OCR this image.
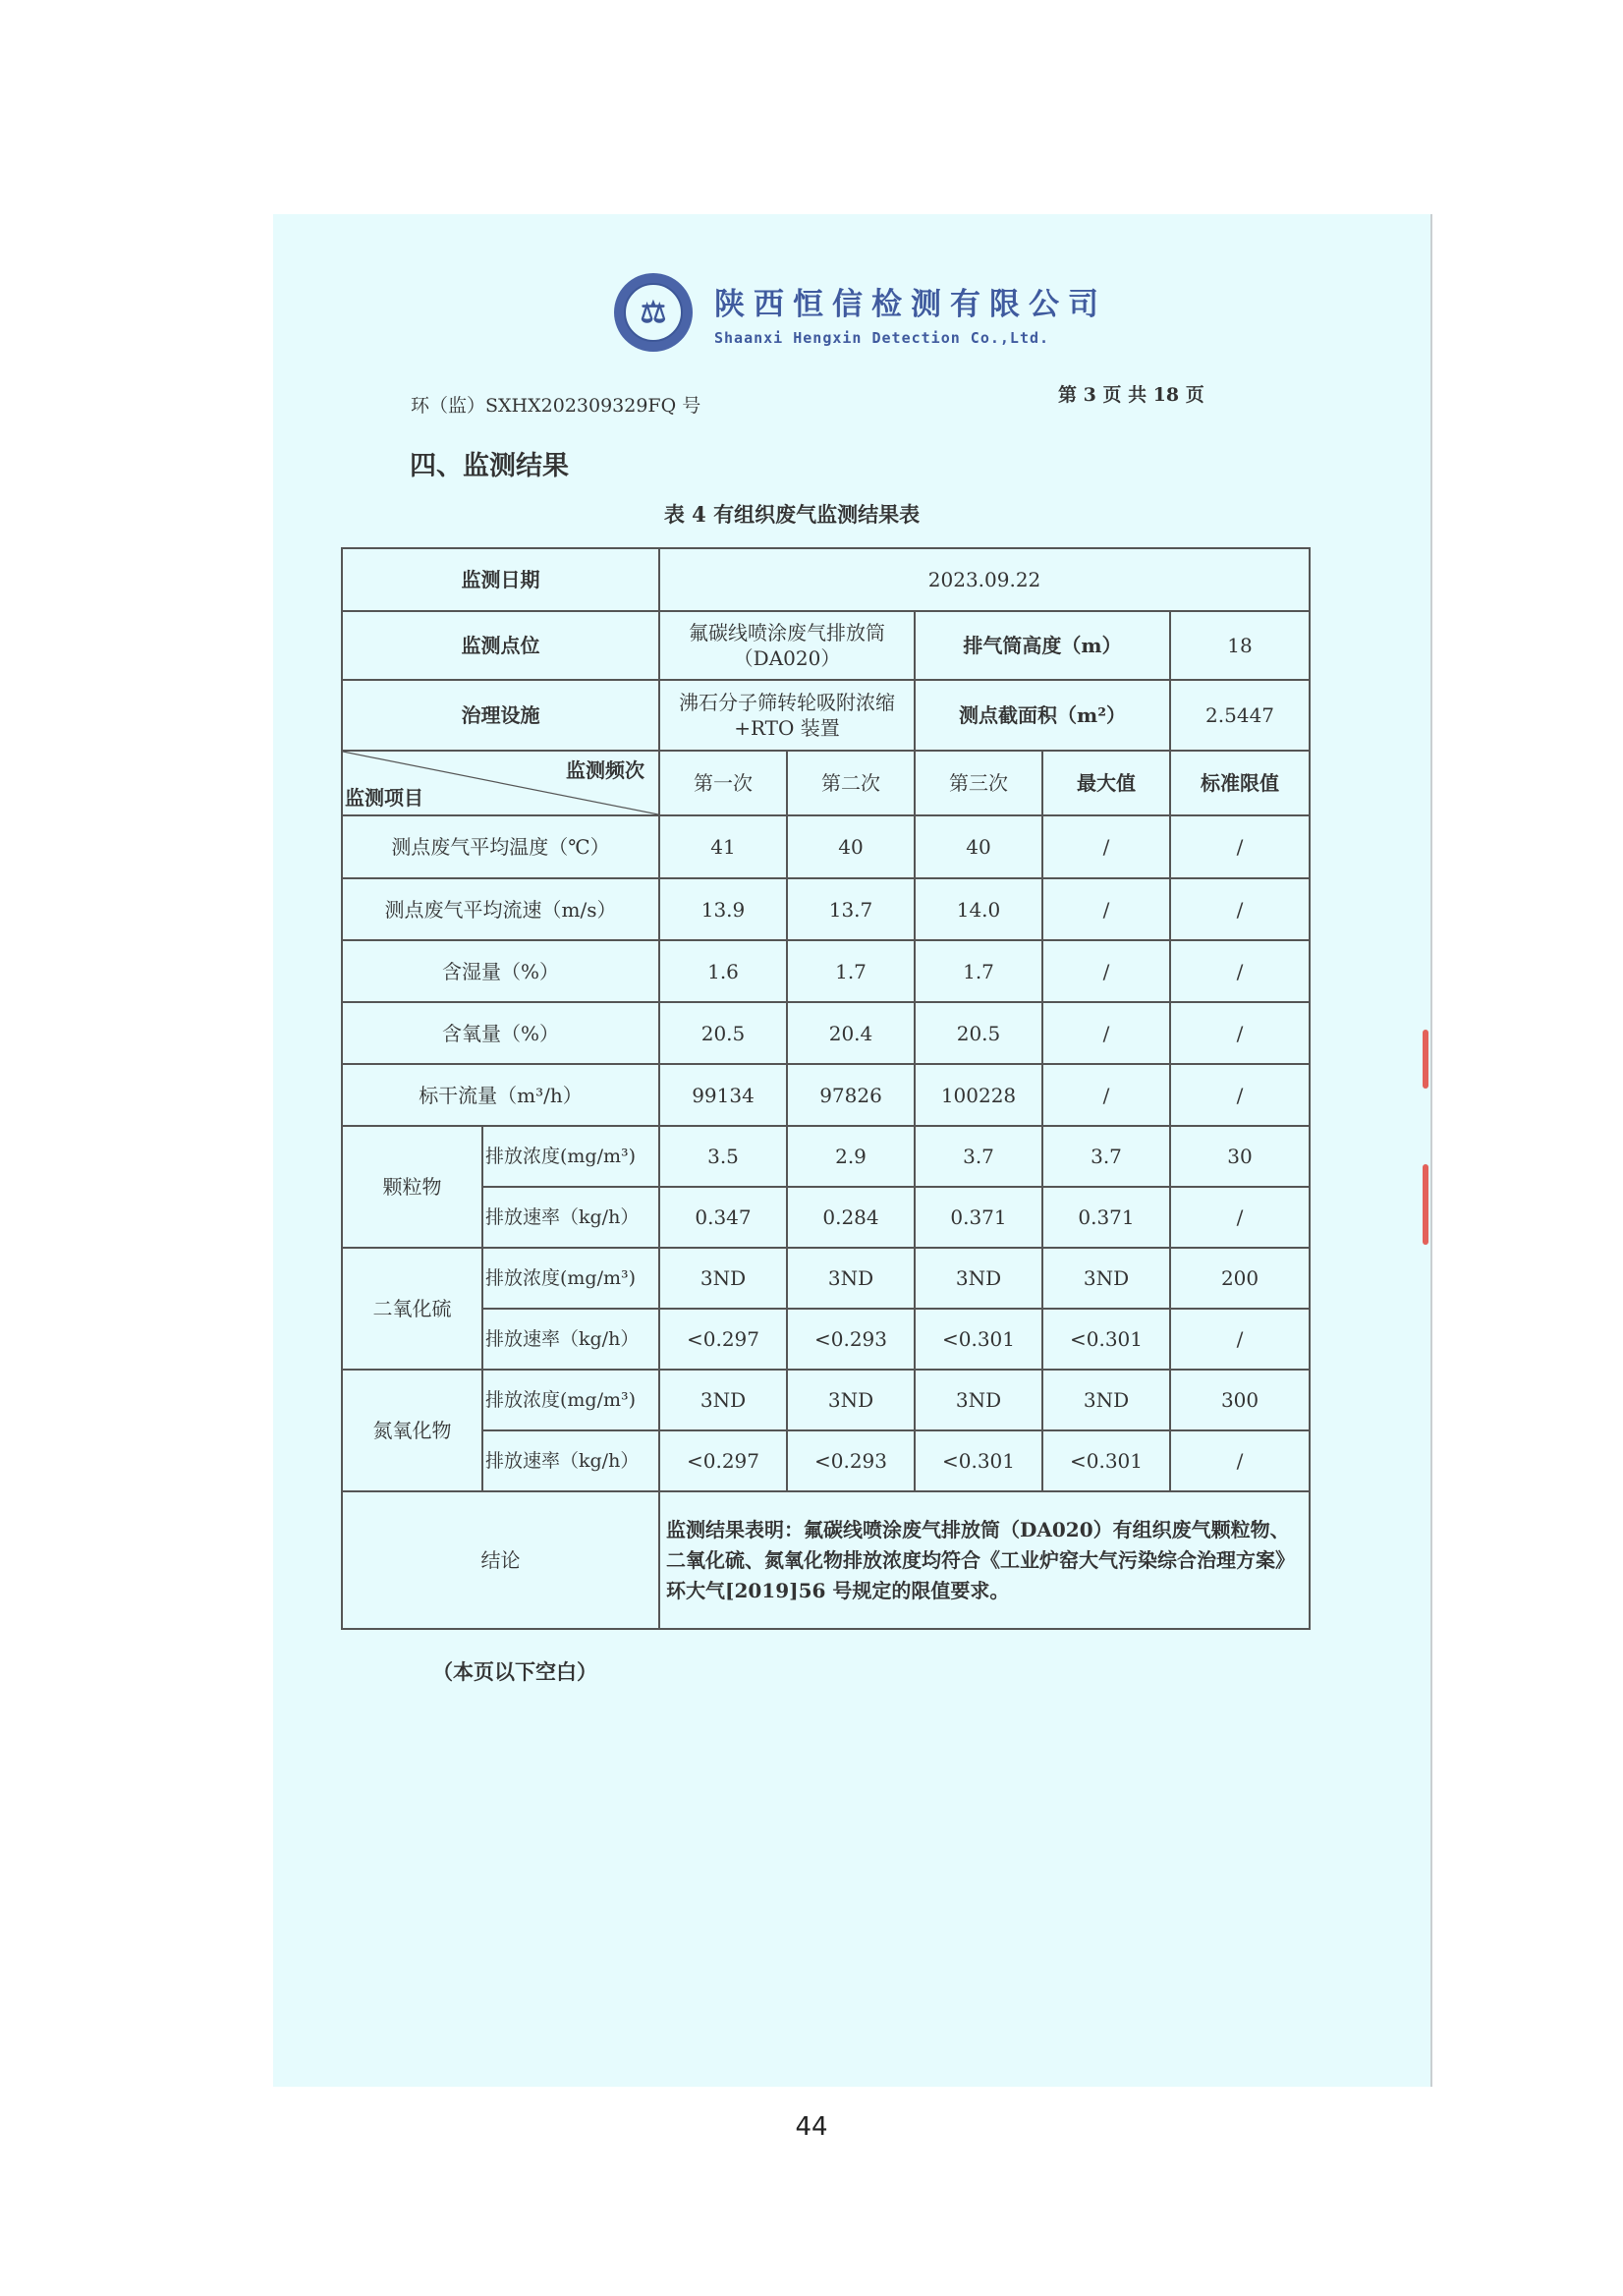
⚖	陕西恒信检测有限公司
Shaanxi Hengxin Detection Co.,Ltd.
环（监）SXHX202309329FQ 号	第 3 页 共 18 页
四、监测结果
表 4 有组织废气监测结果表
监测日期		2023.09.22				
监测点位		氟碳线喷涂废气排放筒（DA020）		排气筒高度（m）		18
治理设施		沸石分子筛转轮吸附浓缩+RTO 装置		测点截面积（m²）		2.5447

监测频次
监测项目		第一次	第二次	第三次	最大值	标准限值
测点废气平均温度（℃）		41	40	40	/	/
测点废气平均流速（m/s）		13.9	13.7	14.0	/	/
含湿量（%）		1.6	1.7	1.7	/	/
含氧量（%）		20.5	20.4	20.5	/	/
标干流量（m³/h）		99134	97826	100228	/	/
颗粒物	排放浓度(mg/m³)	3.5	2.9	3.7	3.7	30
	排放速率（kg/h）	0.347	0.284	0.371	0.371	/
二氧化硫	排放浓度(mg/m³)	3ND	3ND	3ND	3ND	200
	排放速率（kg/h）	<0.297	<0.293	<0.301	<0.301	/
氮氧化物	排放浓度(mg/m³)	3ND	3ND	3ND	3ND	300
	排放速率（kg/h）	<0.297	<0.293	<0.301	<0.301	/
结论		监测结果表明：氟碳线喷涂废气排放筒（DA020）有组织废气颗粒物、二氧化硫、氮氧化物排放浓度均符合《工业炉窑大气污染综合治理方案》环大气[2019]56 号规定的限值要求。				
（本页以下空白）
44
